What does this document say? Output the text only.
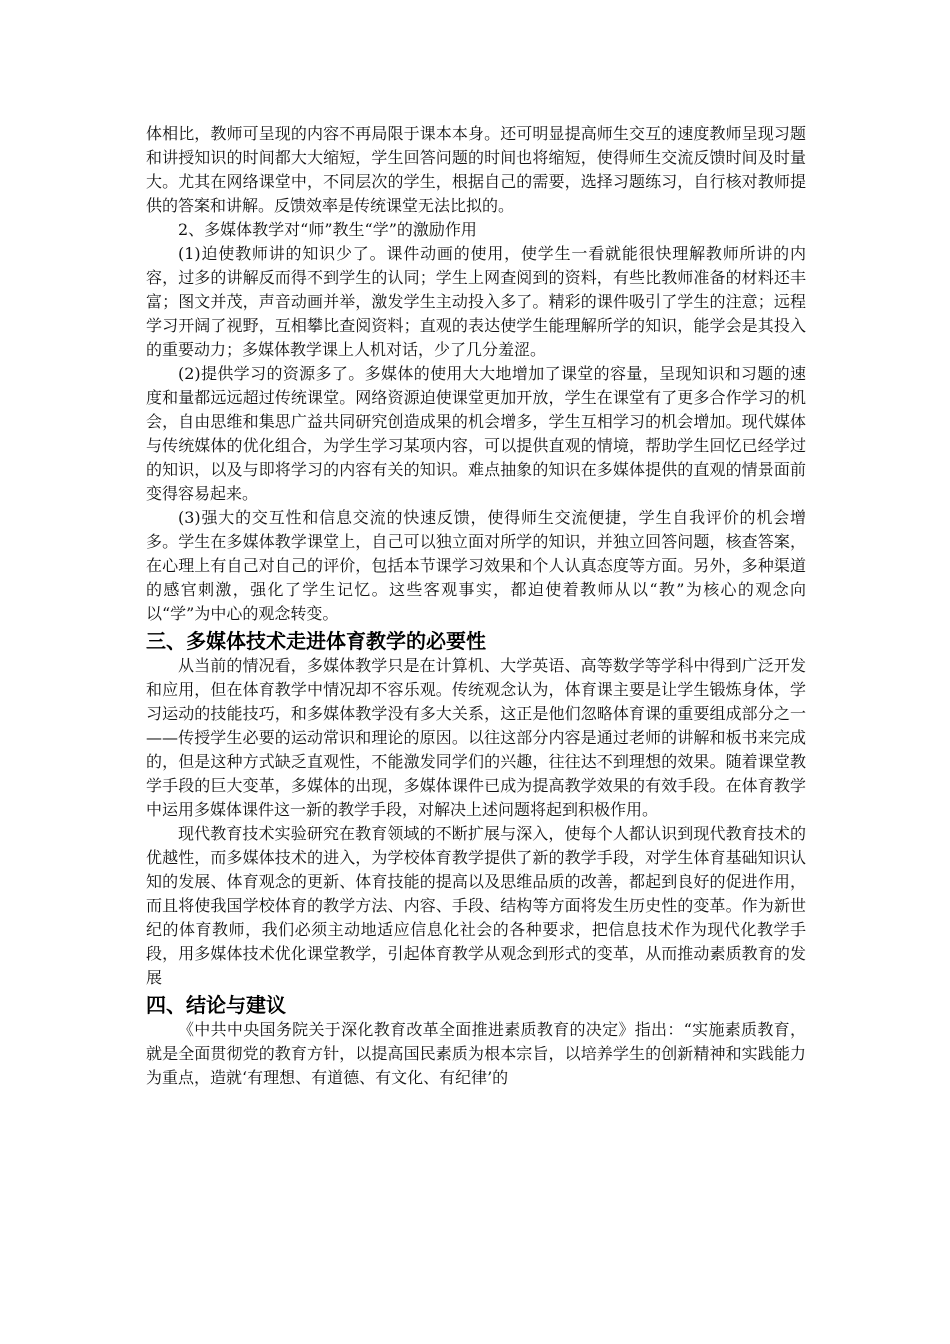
体相比，教师可呈现的内容不再局限于课本本身。还可明显提高师生交互的速度教师呈现习题和讲授知识的时间都大大缩短，学生回答问题的时间也将缩短，使得师生交流反馈时间及时量大。尤其在网络课堂中，不同层次的学生，根据自己的需要，选择习题练习，自行核对教师提供的答案和讲解。反馈效率是传统课堂无法比拟的。

2、多媒体教学对“师”教生“学”的激励作用

(1)迫使教师讲的知识少了。课件动画的使用，使学生一看就能很快理解教师所讲的内容，过多的讲解反而得不到学生的认同；学生上网查阅到的资料，有些比教师准备的材料还丰富；图文并茂，声音动画并举，激发学生主动投入多了。精彩的课件吸引了学生的注意；远程学习开阔了视野，互相攀比查阅资料；直观的表达使学生能理解所学的知识，能学会是其投入的重要动力；多媒体教学课上人机对话，少了几分羞涩。

(2)提供学习的资源多了。多媒体的使用大大地增加了课堂的容量，呈现知识和习题的速度和量都远远超过传统课堂。网络资源迫使课堂更加开放，学生在课堂有了更多合作学习的机会，自由思维和集思广益共同研究创造成果的机会增多，学生互相学习的机会增加。现代媒体与传统媒体的优化组合，为学生学习某项内容，可以提供直观的情境，帮助学生回忆已经学过的知识，以及与即将学习的内容有关的知识。难点抽象的知识在多媒体提供的直观的情景面前变得容易起来。

(3)强大的交互性和信息交流的快速反馈，使得师生交流便捷，学生自我评价的机会增多。学生在多媒体教学课堂上，自己可以独立面对所学的知识，并独立回答问题，核查答案，在心理上有自己对自己的评价，包括本节课学习效果和个人认真态度等方面。另外，多种渠道的感官刺激，强化了学生记忆。这些客观事实，都迫使着教师从以“教”为核心的观念向以“学”为中心的观念转变。

三、多媒体技术走进体育教学的必要性

从当前的情况看，多媒体教学只是在计算机、大学英语、高等数学等学科中得到广泛开发和应用，但在体育教学中情况却不容乐观。传统观念认为，体育课主要是让学生锻炼身体，学习运动的技能技巧，和多媒体教学没有多大关系，这正是他们忽略体育课的重要组成部分之一——传授学生必要的运动常识和理论的原因。以往这部分内容是通过老师的讲解和板书来完成的，但是这种方式缺乏直观性，不能激发同学们的兴趣，往往达不到理想的效果。随着课堂教学手段的巨大变革，多媒体的出现，多媒体课件已成为提高教学效果的有效手段。在体育教学中运用多媒体课件这一新的教学手段，对解决上述问题将起到积极作用。

现代教育技术实验研究在教育领域的不断扩展与深入，使每个人都认识到现代教育技术的优越性，而多媒体技术的进入，为学校体育教学提供了新的教学手段，对学生体育基础知识认知的发展、体育观念的更新、体育技能的提高以及思维品质的改善，都起到良好的促进作用，而且将使我国学校体育的教学方法、内容、手段、结构等方面将发生历史性的变革。作为新世纪的体育教师，我们必须主动地适应信息化社会的各种要求，把信息技术作为现代化教学手段，用多媒体技术优化课堂教学，引起体育教学从观念到形式的变革，从而推动素质教育的发展

四、结论与建议

《中共中央国务院关于深化教育改革全面推进素质教育的决定》指出：“实施素质教育，就是全面贯彻党的教育方针，以提高国民素质为根本宗旨，以培养学生的创新精神和实践能力为重点，造就‘有理想、有道德、有文化、有纪律’的
